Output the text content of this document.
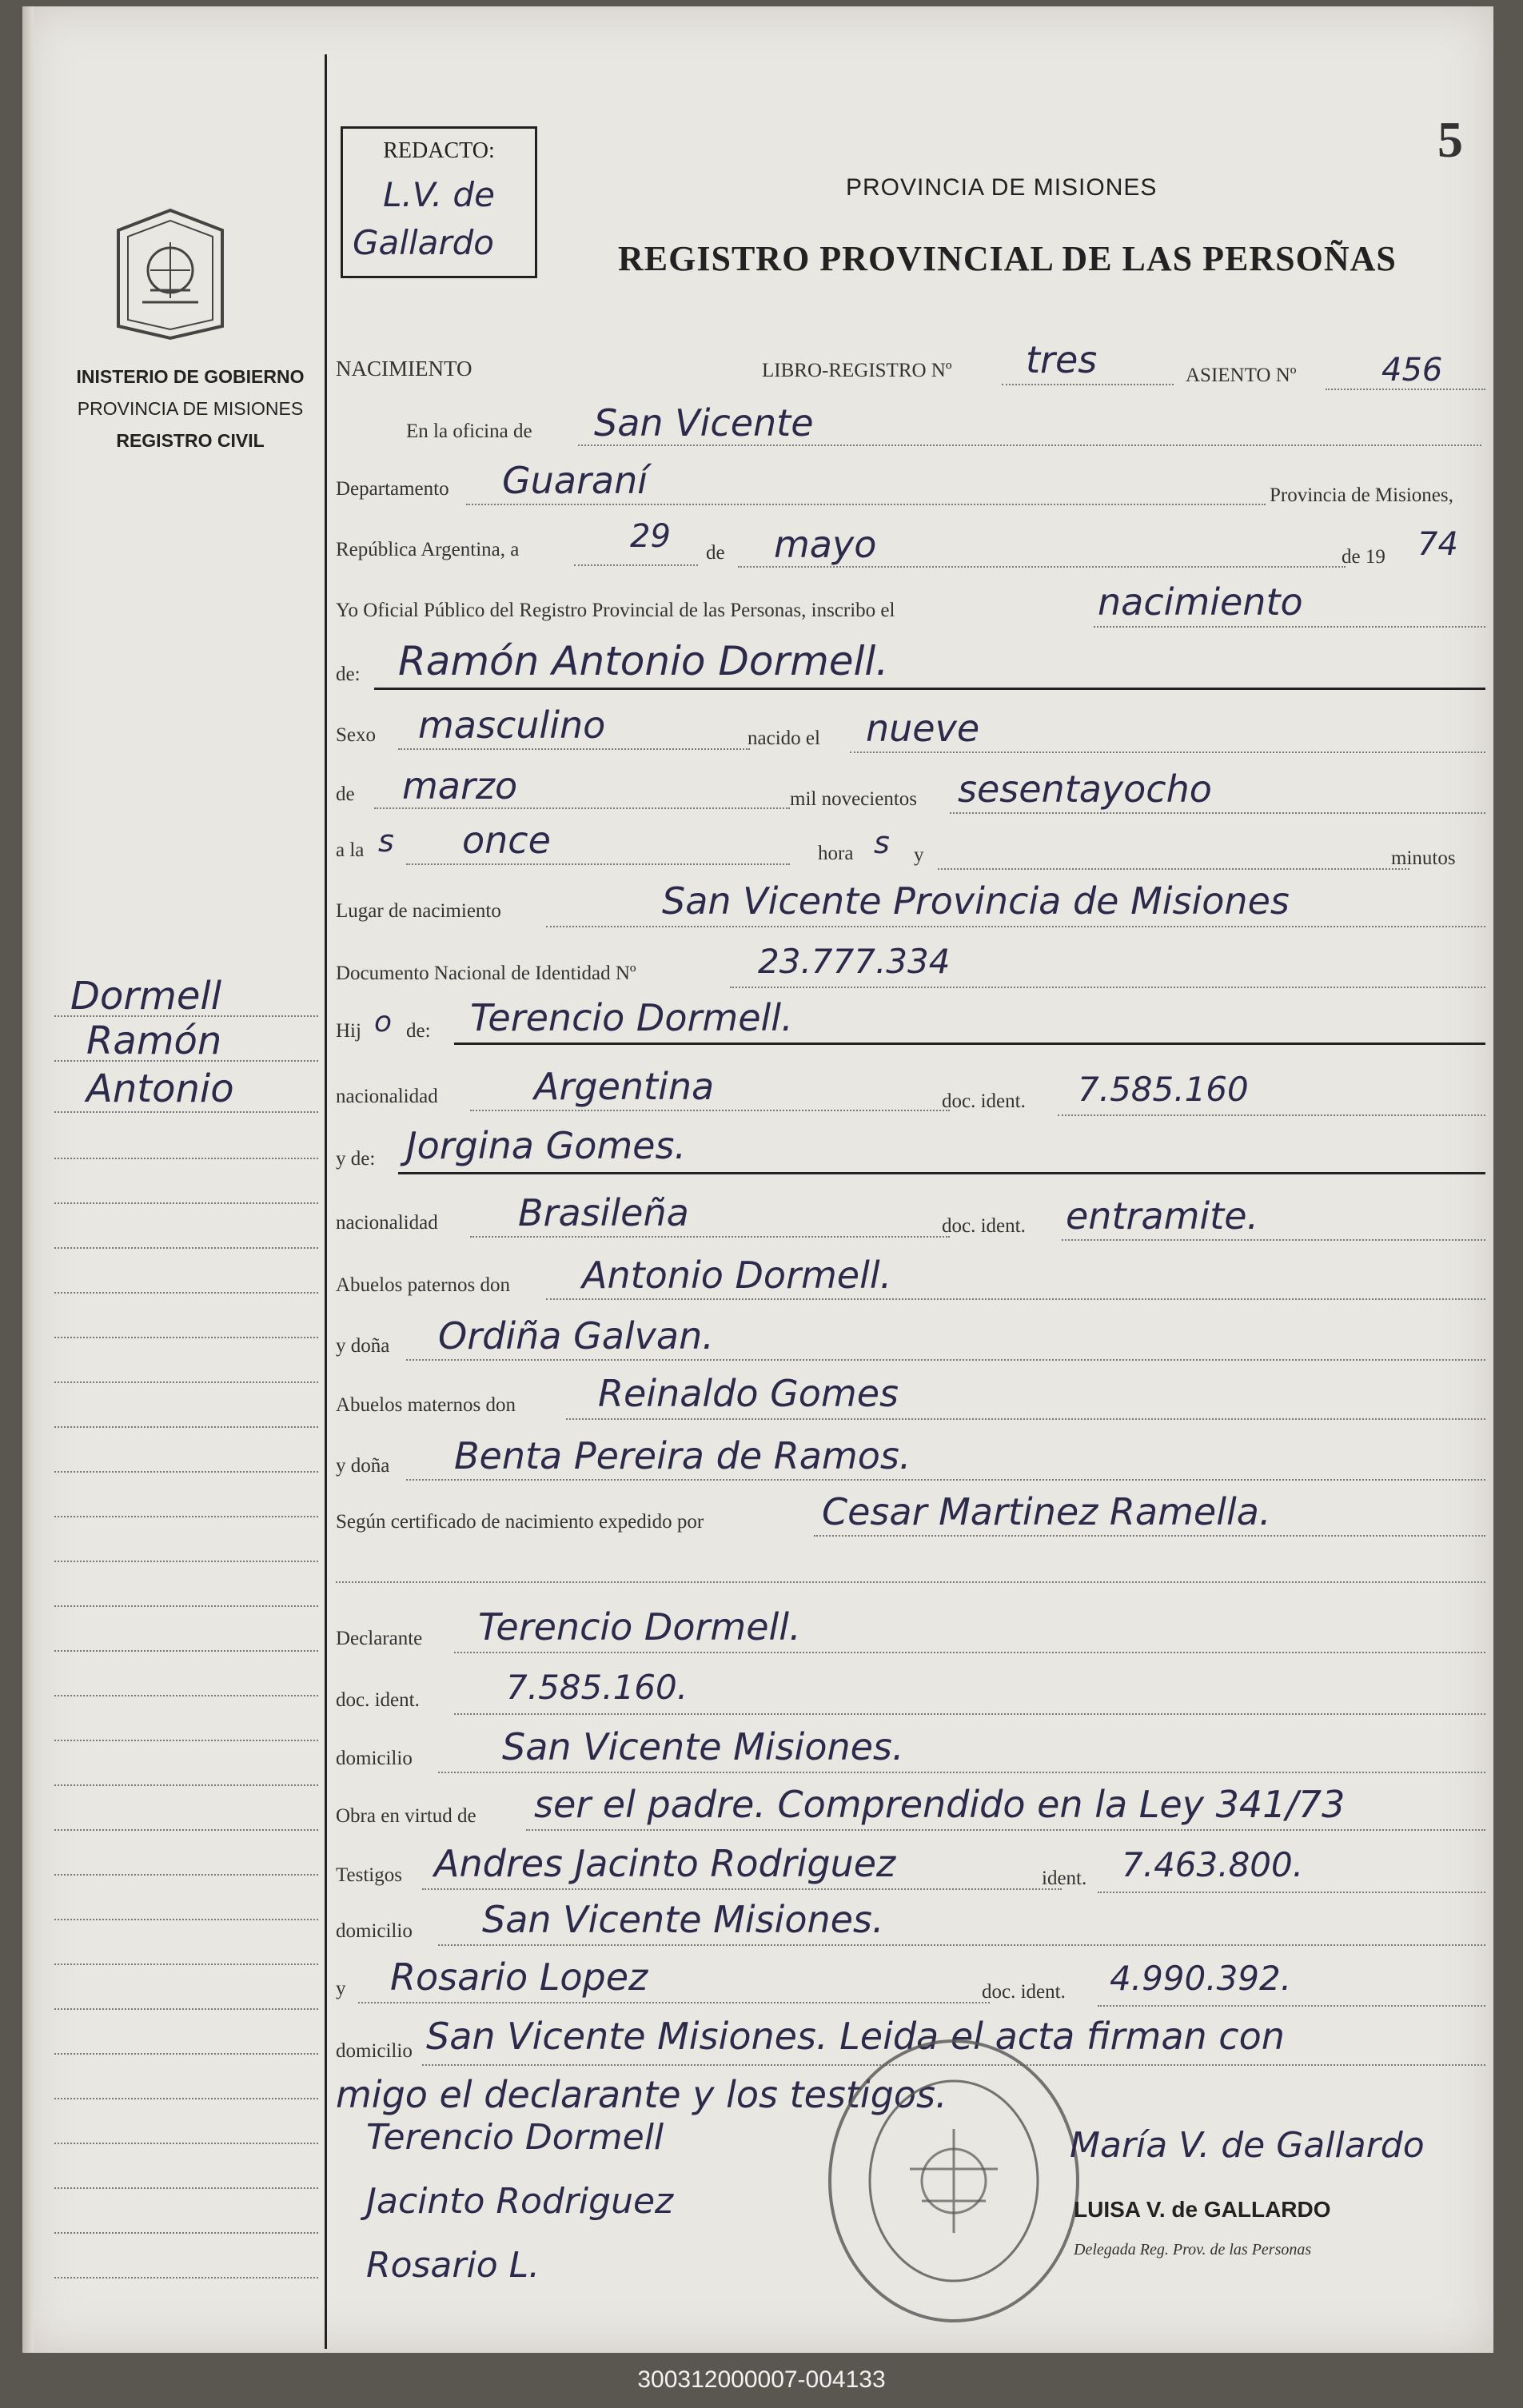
INISTERIO DE GOBIERNO
PROVINCIA DE MISIONES
REGISTRO CIVIL
REDACTO:
L.V. de
Gallardo
5
PROVINCIA DE MISIONES
REGISTRO PROVINCIAL DE LAS PERSOÑAS
NACIMIENTO	LIBRO-REGISTRO Nº tres	ASIENTO Nº	456
En la oficina de San Vicente
Departamento Guaraní	Provincia de Misiones,
República Argentina, a	29 de mayo	de 19 74
Yo Oficial Público del Registro Provincial de las Personas, inscribo el	nacimiento
de: Ramón Antonio Dormell.
Sexo masculino	nacido el nueve
de marzo	mil novecientos sesentayocho
a la s once	hora s y	minutos
Lugar de nacimiento	San Vicente Provincia de Misiones
Documento Nacional de Identidad Nº	23.777.334
Hij o de: Terencio Dormell.
nacionalidad	Argentina	doc. ident. 7.585.160
y de: Jorgina Gomes.
nacionalidad Brasileña	doc. ident. entramite.
Abuelos paternos don Antonio Dormell.
y doña Ordiña Galvan.
Abuelos maternos don Reinaldo Gomes
y doña Benta Pereira de Ramos.
Según certificado de nacimiento expedido por	Cesar Martinez Ramella.
Declarante Terencio Dormell.
doc. ident.	7.585.160.
domicilio San Vicente Misiones.
Obra en virtud de ser el padre. Comprendido en la Ley 341/73
Testigos Andres Jacinto Rodriguez	ident. 7.463.800.
domicilio San Vicente Misiones.
y Rosario Lopez	doc. ident. 4.990.392.
domicilio San Vicente Misiones. Leida el acta firman con
migo el declarante y los testigos.
Dormell
Ramón
Antonio
Terencio Dormell
Jacinto Rodriguez
Rosario L.
María V. de Gallardo
LUISA V. de GALLARDO
Delegada Reg. Prov. de las Personas
300312000007-004133
